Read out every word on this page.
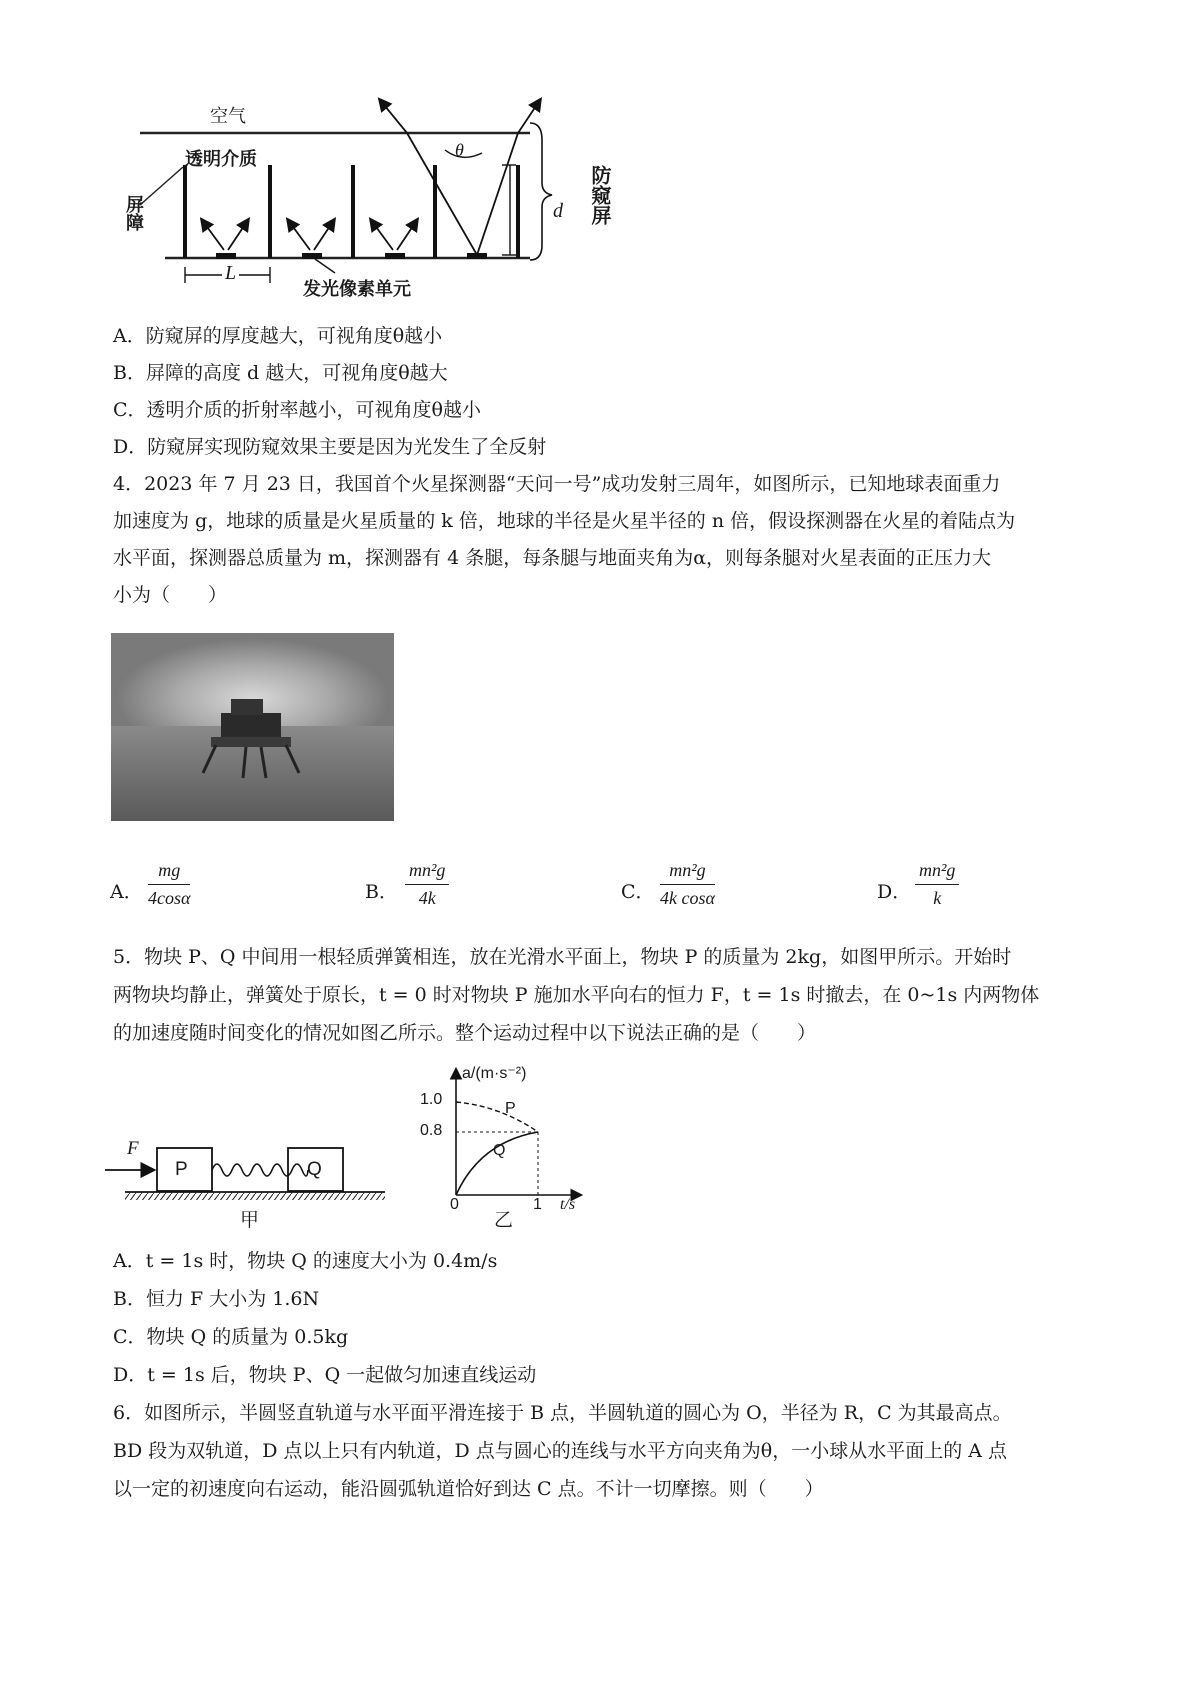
空气
透明介质
屏障
发光像素单元
防窥屏
θ
d
L
A．防窥屏的厚度越大，可视角度θ越小
B．屏障的高度 d 越大，可视角度θ越大
C．透明介质的折射率越小，可视角度θ越小
D．防窥屏实现防窥效果主要是因为光发生了全反射
4．2023 年 7 月 23 日，我国首个火星探测器“天问一号”成功发射三周年，如图所示，已知地球表面重力
加速度为 g，地球的质量是火星质量的 k 倍，地球的半径是火星半径的 n 倍，假设探测器在火星的着陆点为
水平面，探测器总质量为 m，探测器有 4 条腿，每条腿与地面夹角为α，则每条腿对火星表面的正压力大
小为（　　）
A． $\frac{mg}{4\cos\alpha}$	B． $\frac{\text{mn²g}}{4k}$	C． $\frac{\text{mn²g}}{\text{4k cosα}}$	D． $\frac{\text{mn²g}}{k}$
5．物块 P、Q 中间用一根轻质弹簧相连，放在光滑水平面上，物块 P 的质量为 2kg，如图甲所示。开始时
两物块均静止，弹簧处于原长，t = 0 时对物块 P 施加水平向右的恒力 F，t = 1s 时撤去，在 0~1s 内两物体
的加速度随时间变化的情况如图乙所示。整个运动过程中以下说法正确的是（　　）
F
P	Q
甲
a/(m·s⁻²)
1.0
0.8
P
Q
0	1 t/s
乙
A．t = 1s 时，物块 Q 的速度大小为 0.4m/s
B．恒力 F 大小为 1.6N
C．物块 Q 的质量为 0.5kg
D．t = 1s 后，物块 P、Q 一起做匀加速直线运动
6．如图所示，半圆竖直轨道与水平面平滑连接于 B 点，半圆轨道的圆心为 O，半径为 R，C 为其最高点。
BD 段为双轨道，D 点以上只有内轨道，D 点与圆心的连线与水平方向夹角为θ，一小球从水平面上的 A 点
以一定的初速度向右运动，能沿圆弧轨道恰好到达 C 点。不计一切摩擦。则（　　）
